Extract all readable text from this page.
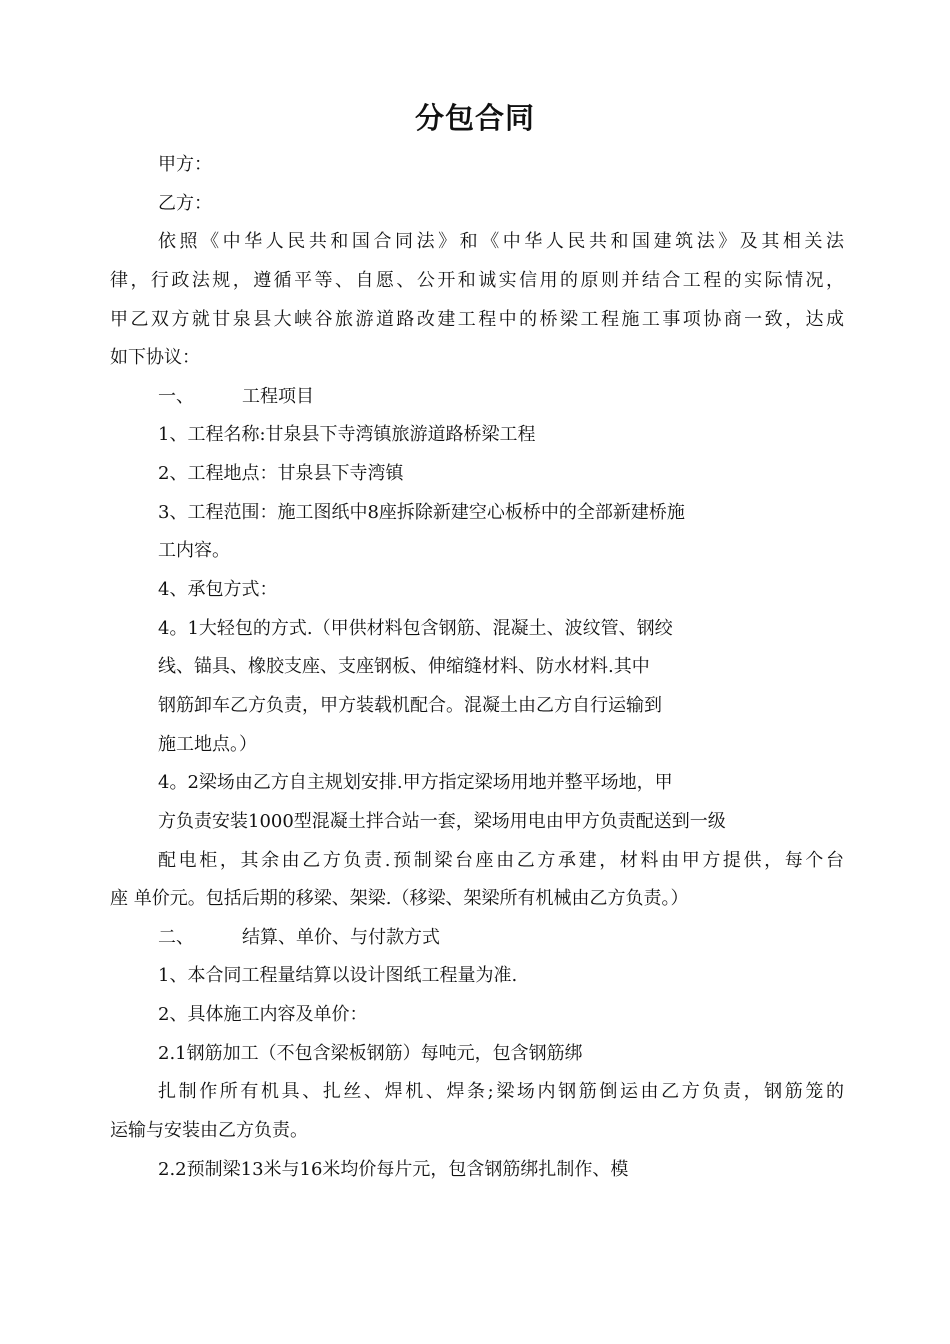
分包合同
甲方：
乙方：
依照《中华人民共和国合同法》和《中华人民共和国建筑法》及其相关法
律，行政法规，遵循平等、自愿、公开和诚实信用的原则并结合工程的实际情况，
甲乙双方就甘泉县大峡谷旅游道路改建工程中的桥梁工程施工事项协商一致，达成
如下协议：
一、	工程项目
1、工程名称:甘泉县下寺湾镇旅游道路桥梁工程
2、工程地点：甘泉县下寺湾镇
3、工程范围：施工图纸中8座拆除新建空心板桥中的全部新建桥施
工内容。
4、承包方式：
4。1大轻包的方式.（甲供材料包含钢筋、混凝土、波纹管、钢绞
线、锚具、橡胶支座、支座钢板、伸缩缝材料、防水材料.其中
钢筋卸车乙方负责，甲方装载机配合。混凝土由乙方自行运输到
施工地点。）
4。2梁场由乙方自主规划安排.甲方指定梁场用地并整平场地，甲
方负责安装1000型混凝土拌合站一套，梁场用电由甲方负责配送到一级
配电柜，其余由乙方负责.预制梁台座由乙方承建，材料由甲方提供，每个台
座 单价元。包括后期的移梁、架梁.（移梁、架梁所有机械由乙方负责。）
二、	结算、单价、与付款方式
1、本合同工程量结算以设计图纸工程量为准.
2、具体施工内容及单价：
2.1钢筋加工（不包含梁板钢筋）每吨元，包含钢筋绑
扎制作所有机具、扎丝、焊机、焊条;梁场内钢筋倒运由乙方负责，钢筋笼的
运输与安装由乙方负责。
2.2预制梁13米与16米均价每片元，包含钢筋绑扎制作、模
